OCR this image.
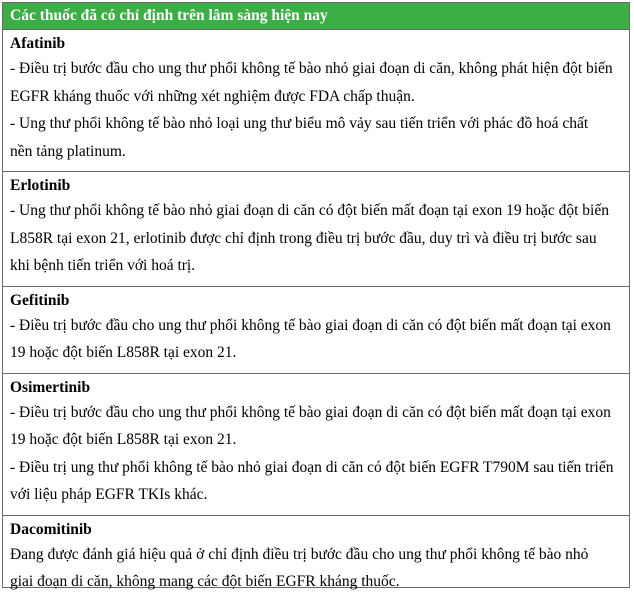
Các thuốc đã có chỉ định trên lâm sàng hiện nay

Afatinib

- Điều trị bước đầu cho ung thư phổi không tế bào nhỏ giai đoạn di căn, không phát hiện đột biến

EGFR kháng thuốc với những xét nghiệm được FDA chấp thuận.

- Ung thư phổi không tế bào nhỏ loại ung thư biểu mô vảy sau tiến triển với phác đồ hoá chất

nền tảng platinum.

Erlotinib

- Ung thư phổi không tế bào nhỏ giai đoạn di căn có đột biến mất đoạn tại exon 19 hoặc đột biến

L858R tại exon 21, erlotinib được chỉ định trong điều trị bước đầu, duy trì và điều trị bước sau

khi bệnh tiến triển với hoá trị.

Gefitinib

- Điều trị bước đầu cho ung thư phổi không tế bào giai đoạn di căn có đột biến mất đoạn tại exon

19 hoặc đột biến L858R tại exon 21.

Osimertinib

- Điều trị bước đầu cho ung thư phổi không tế bào giai đoạn di căn có đột biến mất đoạn tại exon

19 hoặc đột biến L858R tại exon 21.

- Điều trị ung thư phổi không tế bào nhỏ giai đoạn di căn có đột biến EGFR T790M sau tiến triển

với liệu pháp EGFR TKIs khác.

Dacomitinib

Đang được đánh giá hiệu quả ở chỉ định điều trị bước đầu cho ung thư phổi không tế bào nhỏ

giai đoạn di căn, không mang các đột biến EGFR kháng thuốc.
